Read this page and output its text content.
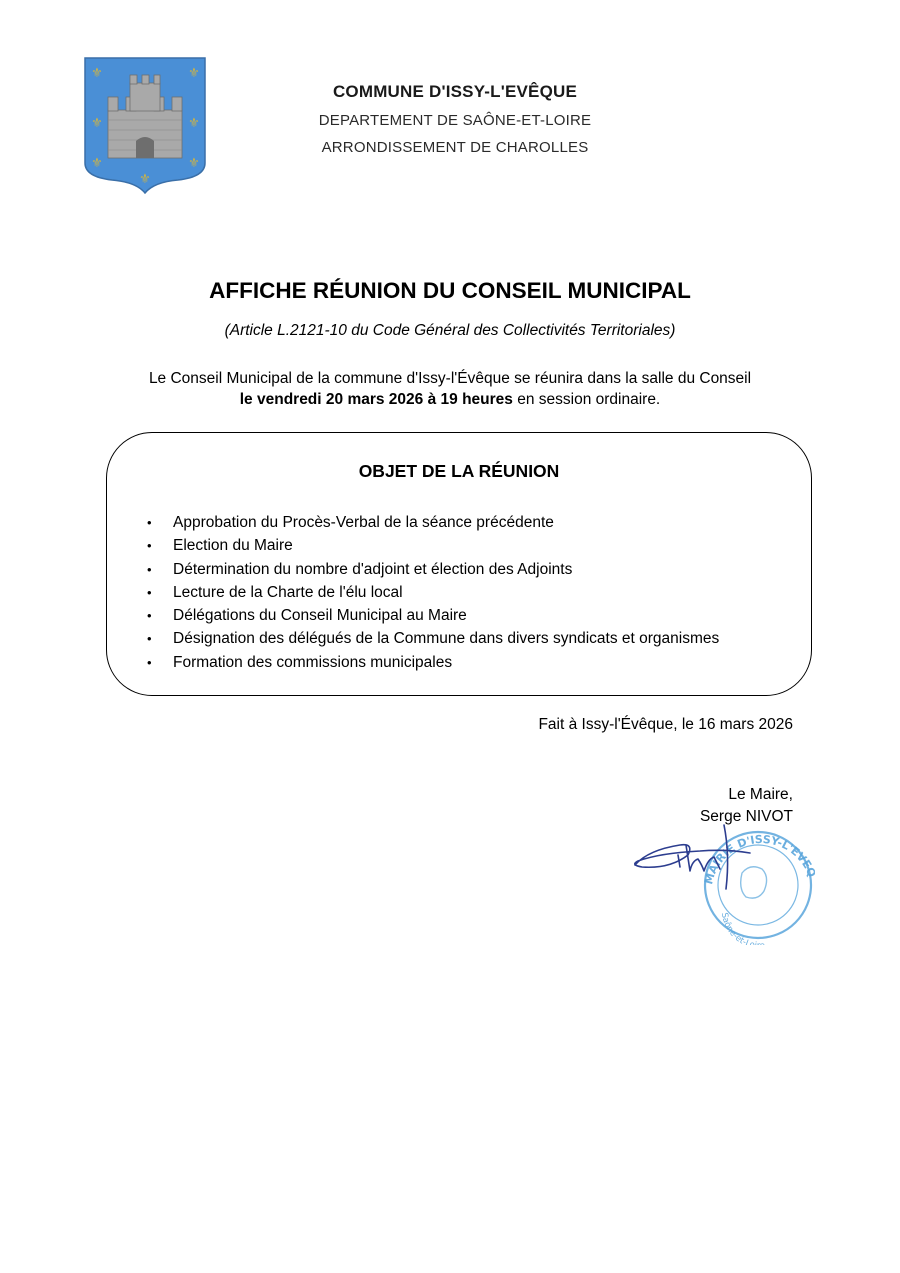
⚜	⚜
⚜	⚜
⚜	⚜
⚜
COMMUNE D'ISSY-L'EVÊQUE
DEPARTEMENT DE SAÔNE-ET-LOIRE
ARRONDISSEMENT DE CHAROLLES
AFFICHE RÉUNION DU CONSEIL MUNICIPAL
(Article L.2121-10 du Code Général des Collectivités Territoriales)
Le Conseil Municipal de la commune d'Issy-l'Évêque se réunira dans la salle du Conseil
le vendredi 20 mars 2026 à 19 heures en session ordinaire.
OBJET DE LA RÉUNION
• Approbation du Procès-Verbal de la séance précédente
• Election du Maire
• Détermination du nombre d'adjoint et élection des Adjoints
• Lecture de la Charte de l'élu local
• Délégations du Conseil Municipal au Maire
• Désignation des délégués de la Commune dans divers syndicats et organismes
• Formation des commissions municipales
Fait à Issy-l'Évêque, le 16 mars 2026
Le Maire,
Serge NIVOT
MAIRIE D'ISSY-L'EVE
Saône-et-L
